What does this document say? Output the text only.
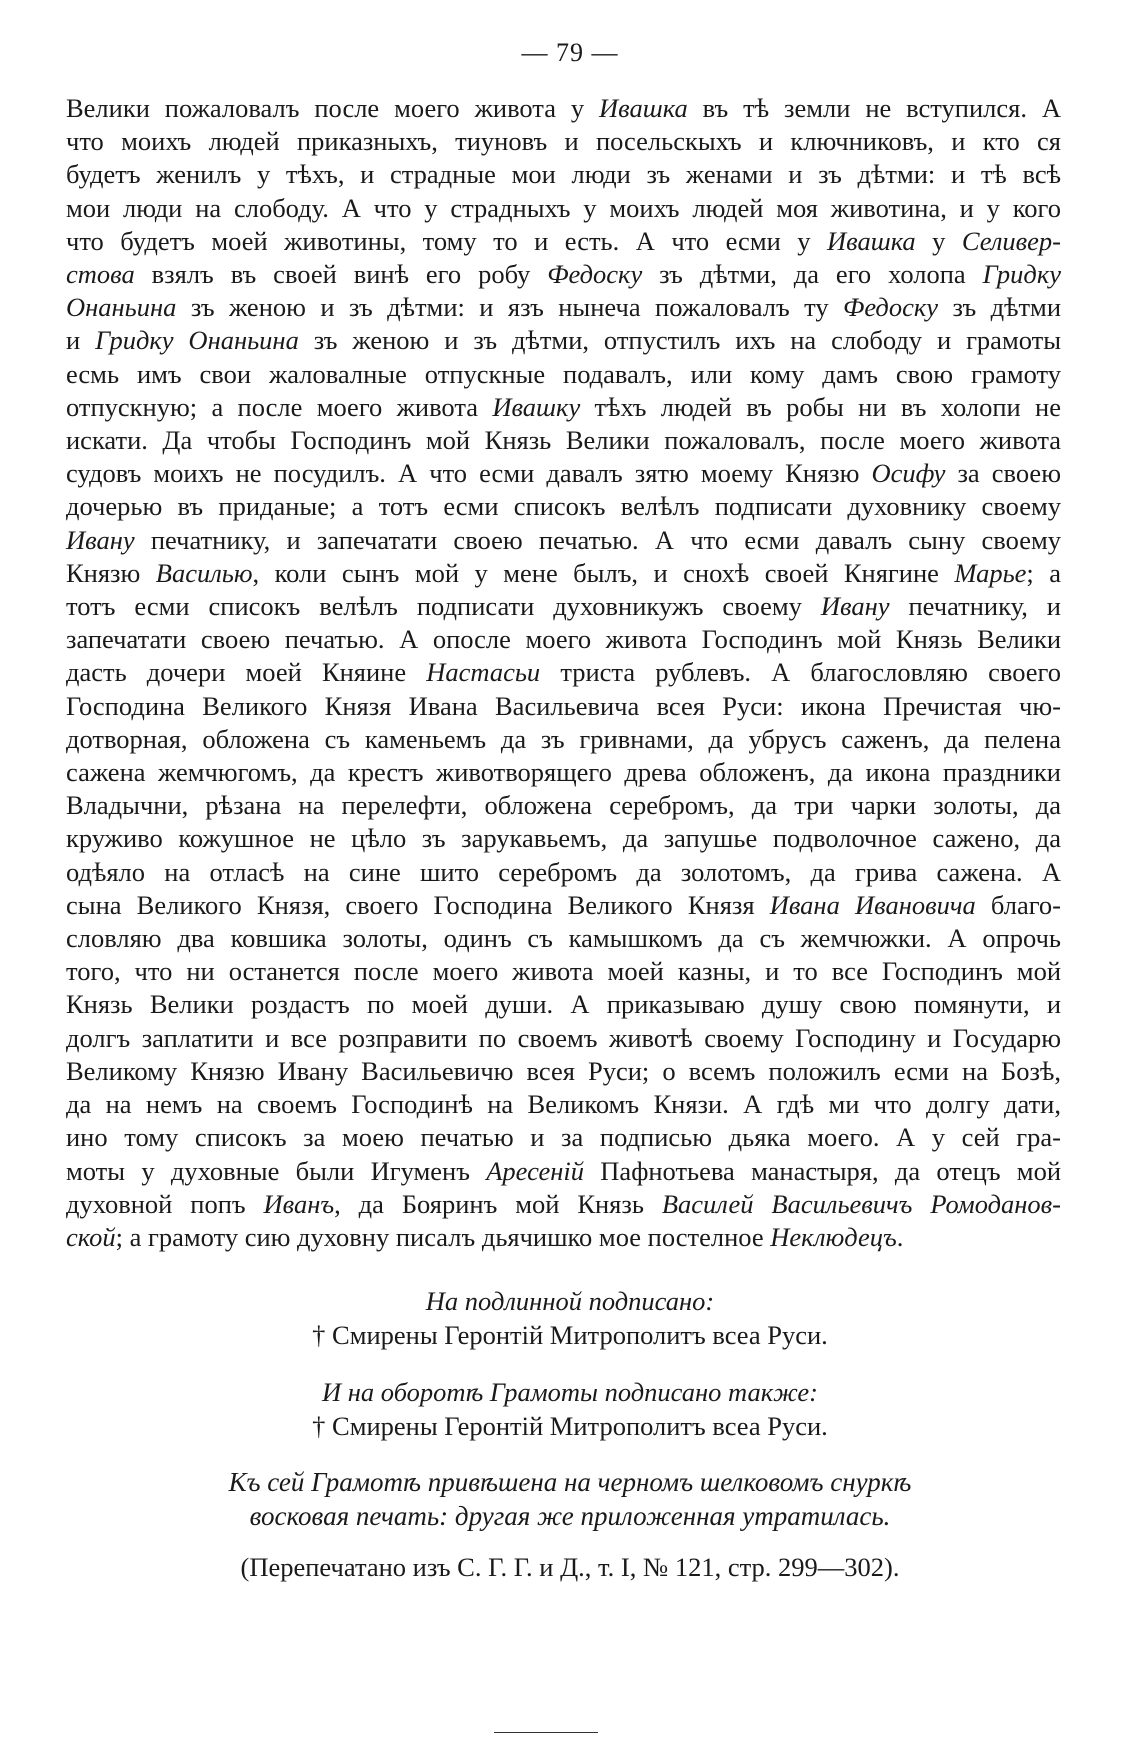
— 79 —
Велики пожаловалъ после моего живота у Ивашка въ тѣ земли не вступился. А
что моихъ людей приказныхъ, тиуновъ и посельскыхъ и ключниковъ, и кто ся
будетъ женилъ у тѣхъ, и страдные мои люди зъ женами и зъ дѣтми: и тѣ всѣ
мои люди на слободу. А что у страдныхъ у моихъ людей моя животина, и у кого
что будетъ моей животины, тому то и есть. А что есми у Ивашка у Селивер-
стова взялъ въ своей винѣ его робу Федоску зъ дѣтми, да его холопа Гридку
Онаньина зъ женою и зъ дѣтми: и язъ нынеча пожаловалъ ту Федоску зъ дѣтми
и Гридку Онаньина зъ женою и зъ дѣтми, отпустилъ ихъ на слободу и грамоты
есмь имъ свои жаловалные отпускные подавалъ, или кому дамъ свою грамоту
отпускную; а после моего живота Ивашку тѣхъ людей въ робы ни въ холопи не
искати. Да чтобы Господинъ мой Князь Велики пожаловалъ, после моего живота
судовъ моихъ не посудилъ. А что есми давалъ зятю моему Князю Осифу за своею
дочерью въ приданые; а тотъ есми списокъ велѣлъ подписати духовнику своему
Ивану печатнику, и запечатати своею печатью. А что есми давалъ сыну своему
Князю Василью, коли сынъ мой у мене былъ, и снохѣ своей Княгине Марье; а
тотъ есми списокъ велѣлъ подписати духовникужъ своему Ивану печатнику, и
запечатати своею печатью. А опосле моего живота Господинъ мой Князь Велики
дасть дочери моей Княине Настасьи триста рублевъ. А благословляю своего
Господина Великого Князя Ивана Васильевича всея Руси: икона Пречистая чю-
дотворная, обложена съ каменьемъ да зъ гривнами, да убрусъ саженъ, да пелена
сажена жемчюгомъ, да крестъ животворящего древа обложенъ, да икона праздники
Владычни, рѣзана на перелефти, обложена серебромъ, да три чарки золоты, да
круживо кожушное не цѣло зъ зарукавьемъ, да запушье подволочное сажено, да
одѣяло на отласѣ на сине шито серебромъ да золотомъ, да грива сажена. А
сына Великого Князя, своего Господина Великого Князя Ивана Ивановича благо-
словляю два ковшика золоты, одинъ съ камышкомъ да съ жемчюжки. А опрочь
того, что ни останется после моего живота моей казны, и то все Господинъ мой
Князь Велики роздастъ по моей души. А приказываю душу свою помянути, и
долгъ заплатити и все розправити по своемъ животѣ своему Господину и Государю
Великому Князю Ивану Васильевичю всея Руси; о всемъ положилъ есми на Бозѣ,
да на немъ на своемъ Господинѣ на Великомъ Князи. А гдѣ ми что долгу дати,
ино тому списокъ за моею печатью и за подписью дьяка моего. А у сей гра-
моты у духовные были Игуменъ Аресеній Пафнотьева манастыря, да отецъ мой
духовной попъ Иванъ, да Бояринъ мой Князь Василей Васильевичъ Ромоданов-
ской; а грамоту сию духовну писалъ дьячишко мое постелное Неклюдецъ.
На подлинной подписано:
† Смирены Геронтій Митрополитъ всеа Руси.
И на оборотѣ Грамоты подписано также:
† Смирены Геронтій Митрополитъ всеа Руси.
Къ сей Грамотѣ привѣшена на черномъ шелковомъ снуркѣ
восковая печать: другая же приложенная утратилась.
(Перепечатано изъ С. Г. Г. и Д., т. I, № 121, стр. 299—302).
